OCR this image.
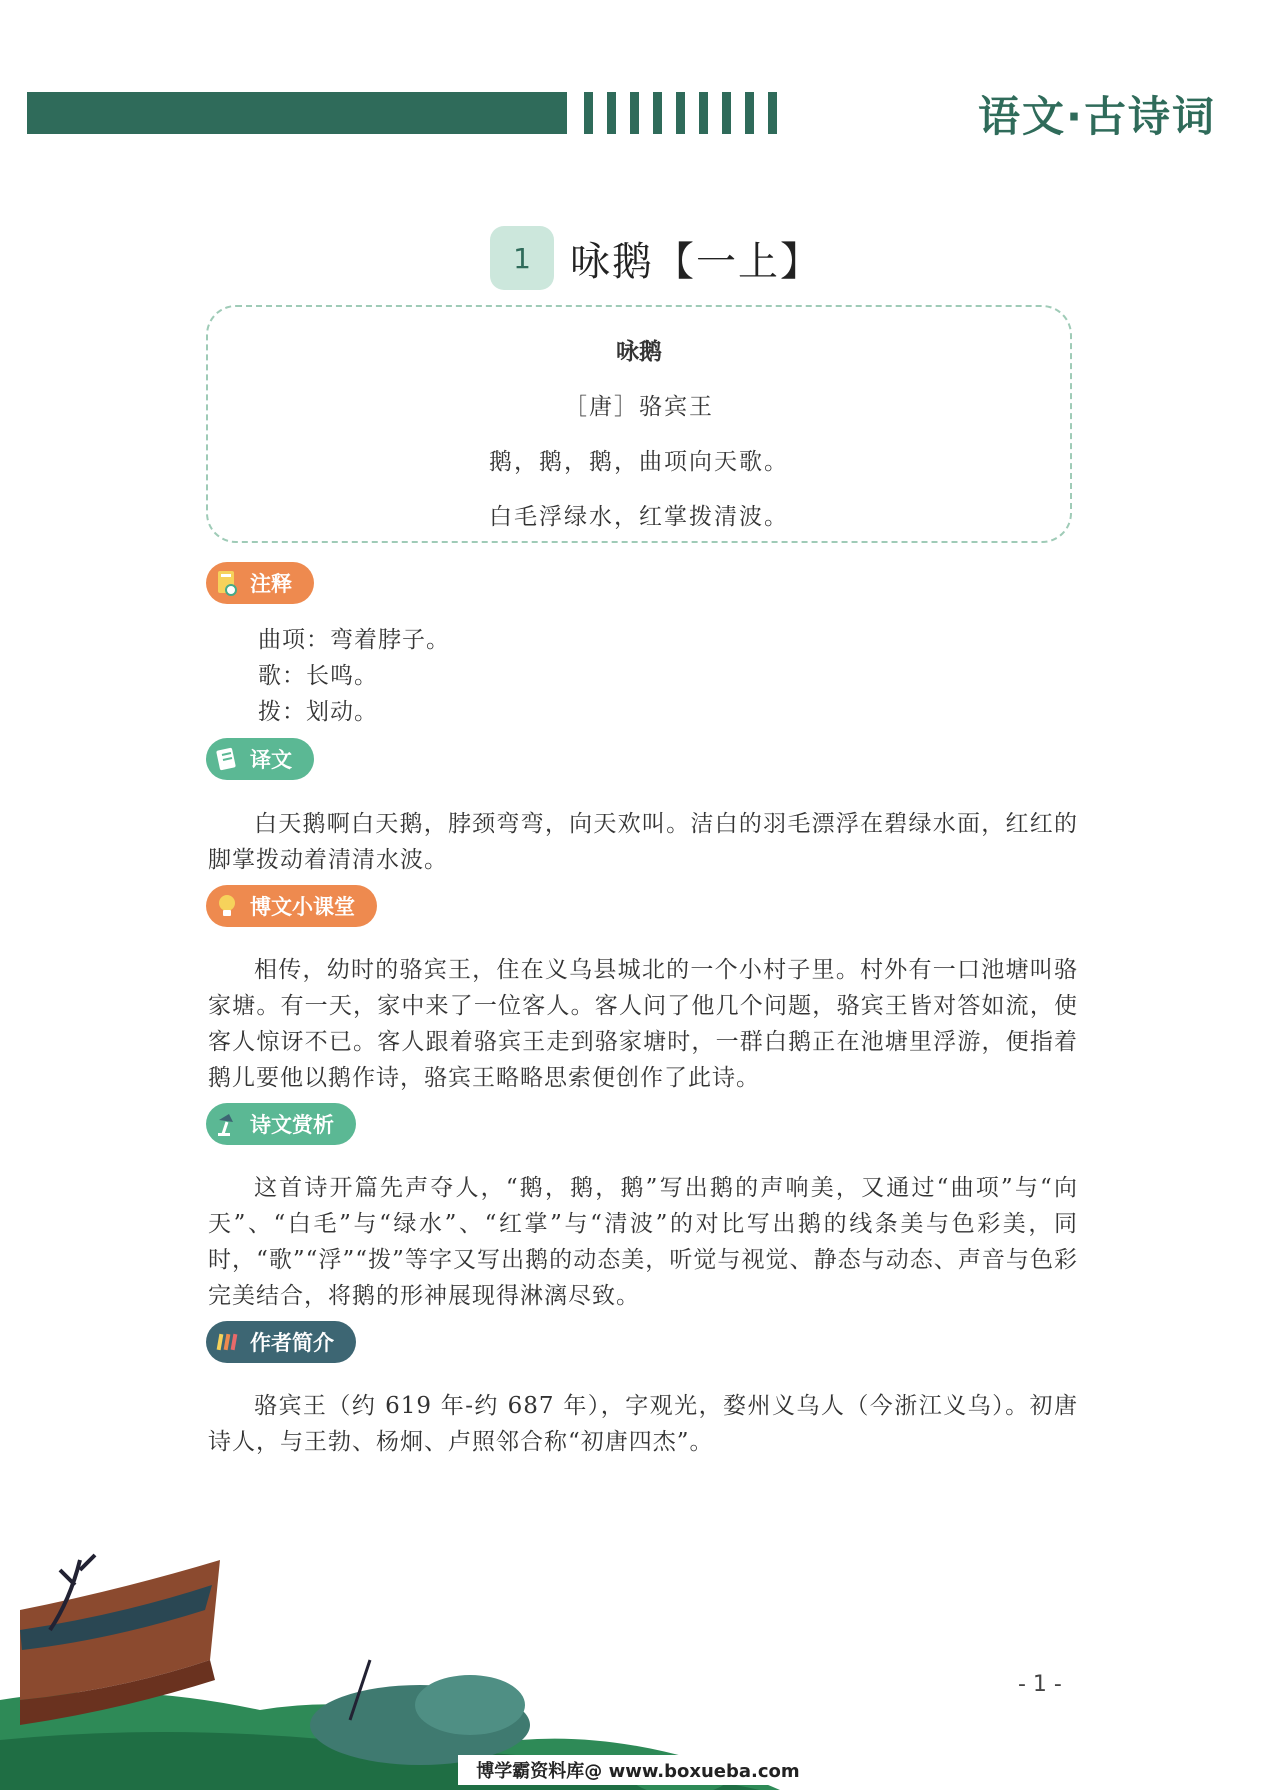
语文·古诗词
1 咏鹅【一上】
咏鹅
［唐］骆宾王
鹅，鹅，鹅，曲项向天歌。
白毛浮绿水，红掌拨清波。
注释
曲项：弯着脖子。
歌：长鸣。
拨：划动。
译文

白天鹅啊白天鹅，脖颈弯弯，向天欢叫。洁白的羽毛漂浮在碧绿水面，红红的脚掌拨动着清清水波。

博文小课堂

相传，幼时的骆宾王，住在义乌县城北的一个小村子里。村外有一口池塘叫骆家塘。有一天，家中来了一位客人。客人问了他几个问题，骆宾王皆对答如流，使客人惊讶不已。客人跟着骆宾王走到骆家塘时，一群白鹅正在池塘里浮游，便指着鹅儿要他以鹅作诗，骆宾王略略思索便创作了此诗。

诗文赏析

这首诗开篇先声夺人，“鹅，鹅，鹅”写出鹅的声响美，又通过“曲项”与“向天”、“白毛”与“绿水”、“红掌”与“清波”的对比写出鹅的线条美与色彩美，同时，“歌”“浮”“拨”等字又写出鹅的动态美，听觉与视觉、静态与动态、声音与色彩完美结合，将鹅的形神展现得淋漓尽致。

作者简介

骆宾王（约 619 年-约 687 年），字观光，婺州义乌人（今浙江义乌）。初唐诗人，与王勃、杨炯、卢照邻合称“初唐四杰”。

- 1 -
博学霸资料库@ www.boxueba.com
